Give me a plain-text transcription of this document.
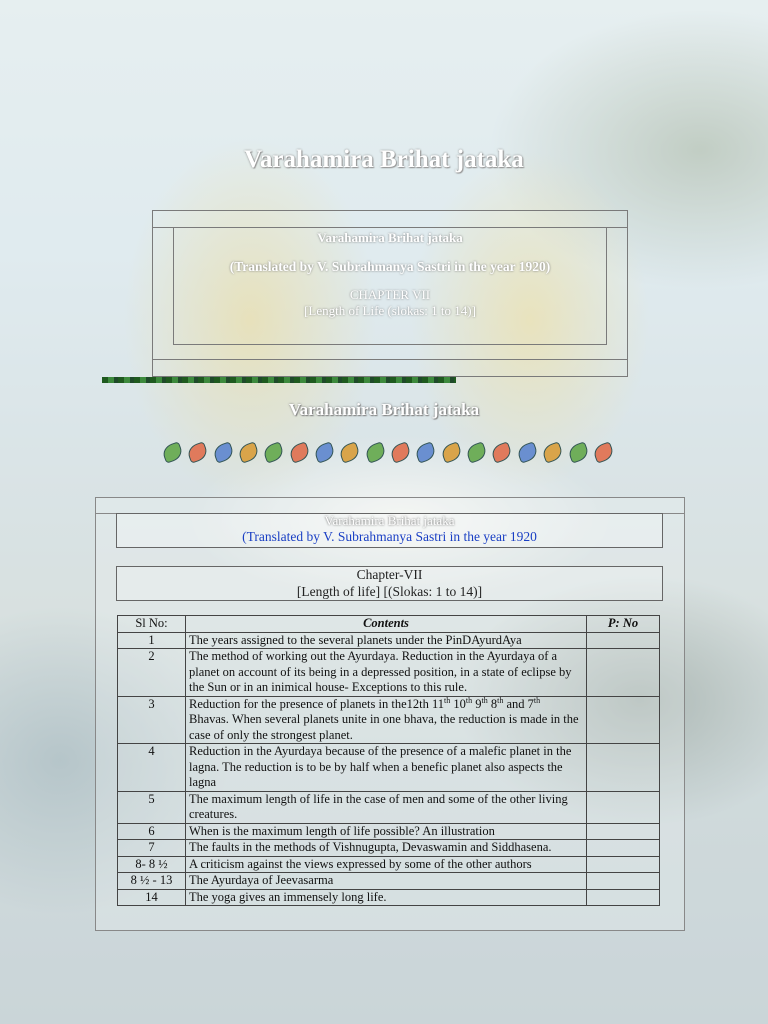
Varahamira Brihat jataka
Varahamira Brihat jataka
(Translated by V. Subrahmanya Sastri in the year 1920)
CHAPTER VII
[Length of Life (slokas: 1 to 14)]
Varahamira Brihat jataka
Varahamira Brihat jataka
(Translated by V. Subrahmanya Sastri in the year 1920
Chapter-VII
[Length of life] [(Slokas: 1 to 14)]
Sl No:	Contents	P: No
1	The years assigned to the several planets under the PinDAyurdAya	
2	The method of working out the Ayurdaya. Reduction in the Ayurdaya of a planet on account of its being in a depressed position, in a state of eclipse by the Sun or in an inimical house- Exceptions to this rule.	
3	Reduction for the presence of planets in the12th 11th 10th 9th 8th and 7th Bhavas. When several planets unite in one bhava, the reduction is made in the case of only the strongest planet.	
4	Reduction in the Ayurdaya because of the presence of a malefic planet in the lagna. The reduction is to be by half when a benefic planet also aspects the lagna	
5	The maximum length of life in the case of men and some of the other living creatures.	
6	When is the maximum length of life possible? An illustration	
7	The faults in the methods of Vishnugupta, Devaswamin and Siddhasena.	
8- 8 ½	A criticism against the views expressed by some of the other authors	
8 ½ - 13	The Ayurdaya of Jeevasarma	
14	The yoga gives an immensely long life.	
